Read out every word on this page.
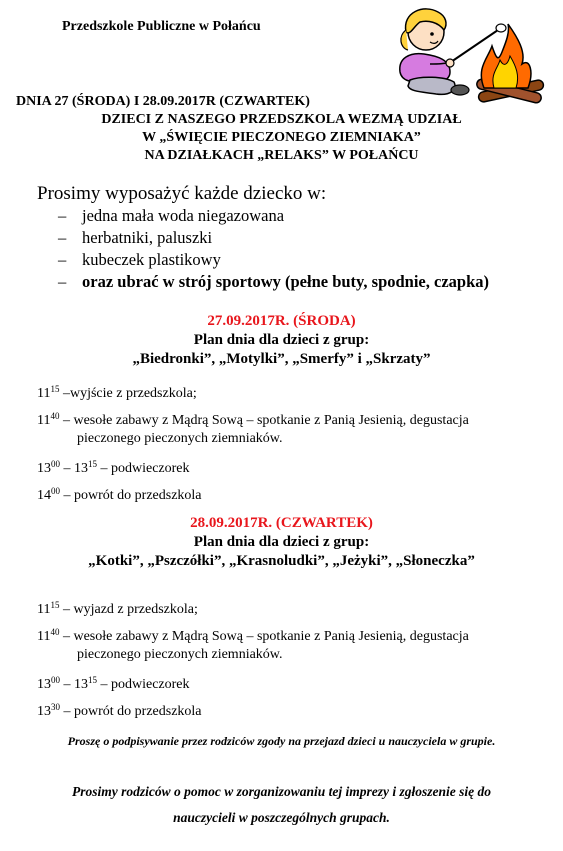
Przedszkole Publiczne w Połańcu
DNIA 27 (ŚRODA) I 28.09.2017R (CZWARTEK)
DZIECI Z NASZEGO PRZEDSZKOLA WEZMĄ UDZIAŁ
W „ŚWIĘCIE PIECZONEGO ZIEMNIAKA”
NA DZIAŁKACH „RELAKS” W POŁAŃCU
Prosimy wyposażyć każde dziecko w:
– jedna mała woda niegazowana
– herbatniki, paluszki
– kubeczek plastikowy
– oraz ubrać w strój sportowy (pełne buty, spodnie, czapka)
27.09.2017R. (ŚRODA)
Plan dnia dla dzieci z grup:
„Biedronki”, „Motylki”, „Smerfy” i „Skrzaty”
$11^{15}$ –wyjście z przedszkola;
$11^{40}$ – wesołe zabawy z Mądrą Sową – spotkanie z Panią Jesienią, degustacja
pieczonego pieczonych ziemniaków.
$13^{00} - 13^{15}$ – podwieczorek
$14^{00}$ – powrót do przedszkola
28.09.2017R. (CZWARTEK)
Plan dnia dla dzieci z grup:
„Kotki”, „Pszczółki”, „Krasnoludki”, „Jeżyki”, „Słoneczka”
$11^{15}$ – wyjazd z przedszkola;
$11^{40}$ – wesołe zabawy z Mądrą Sową – spotkanie z Panią Jesienią, degustacja
pieczonego pieczonych ziemniaków.
$13^{00} - 13^{15}$ – podwieczorek
$13^{30}$ – powrót do przedszkola
Proszę o podpisywanie przez rodziców zgody na przejazd dzieci u nauczyciela w grupie.
Prosimy rodziców o pomoc w zorganizowaniu tej imprezy i zgłoszenie się do
nauczycieli w poszczególnych grupach.
